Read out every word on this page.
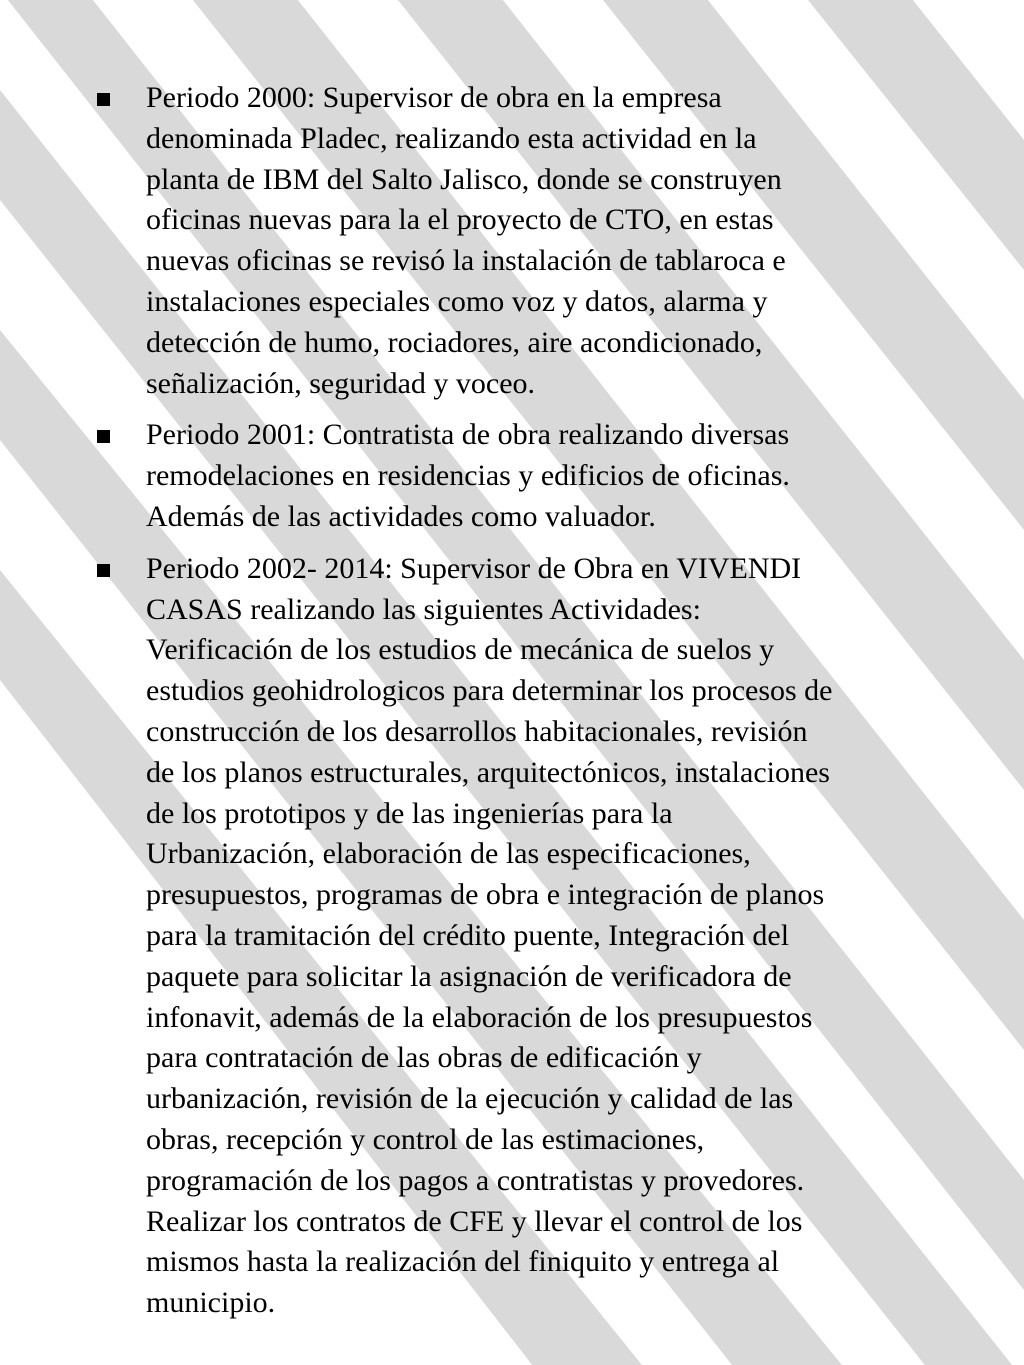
Periodo 2000: Supervisor de obra en la empresa
denominada Pladec, realizando esta actividad en la
planta de IBM del Salto Jalisco, donde se construyen
oficinas nuevas para la el proyecto de CTO, en estas
nuevas oficinas se revisó la instalación de tablaroca e
instalaciones especiales como voz y datos, alarma y
detección de humo, rociadores, aire acondicionado,
señalización, seguridad y voceo.
Periodo 2001: Contratista de obra realizando diversas
remodelaciones en residencias y edificios de oficinas.
Además de las actividades como valuador.
Periodo 2002- 2014: Supervisor de Obra en VIVENDI
CASAS realizando las siguientes Actividades:
Verificación de los estudios de mecánica de suelos y
estudios geohidrologicos para determinar los procesos de
construcción de los desarrollos habitacionales, revisión
de los planos estructurales, arquitectónicos, instalaciones
de los prototipos y de las ingenierías para la
Urbanización, elaboración de las especificaciones,
presupuestos, programas de obra e integración de planos
para la tramitación del crédito puente, Integración del
paquete para solicitar la asignación de verificadora de
infonavit, además de la elaboración de los presupuestos
para contratación de las obras de edificación y
urbanización, revisión de la ejecución y calidad de las
obras, recepción y control de las estimaciones,
programación de los pagos a contratistas y provedores.
Realizar los contratos de CFE y llevar el control de los
mismos hasta la realización del finiquito y entrega al
municipio.
